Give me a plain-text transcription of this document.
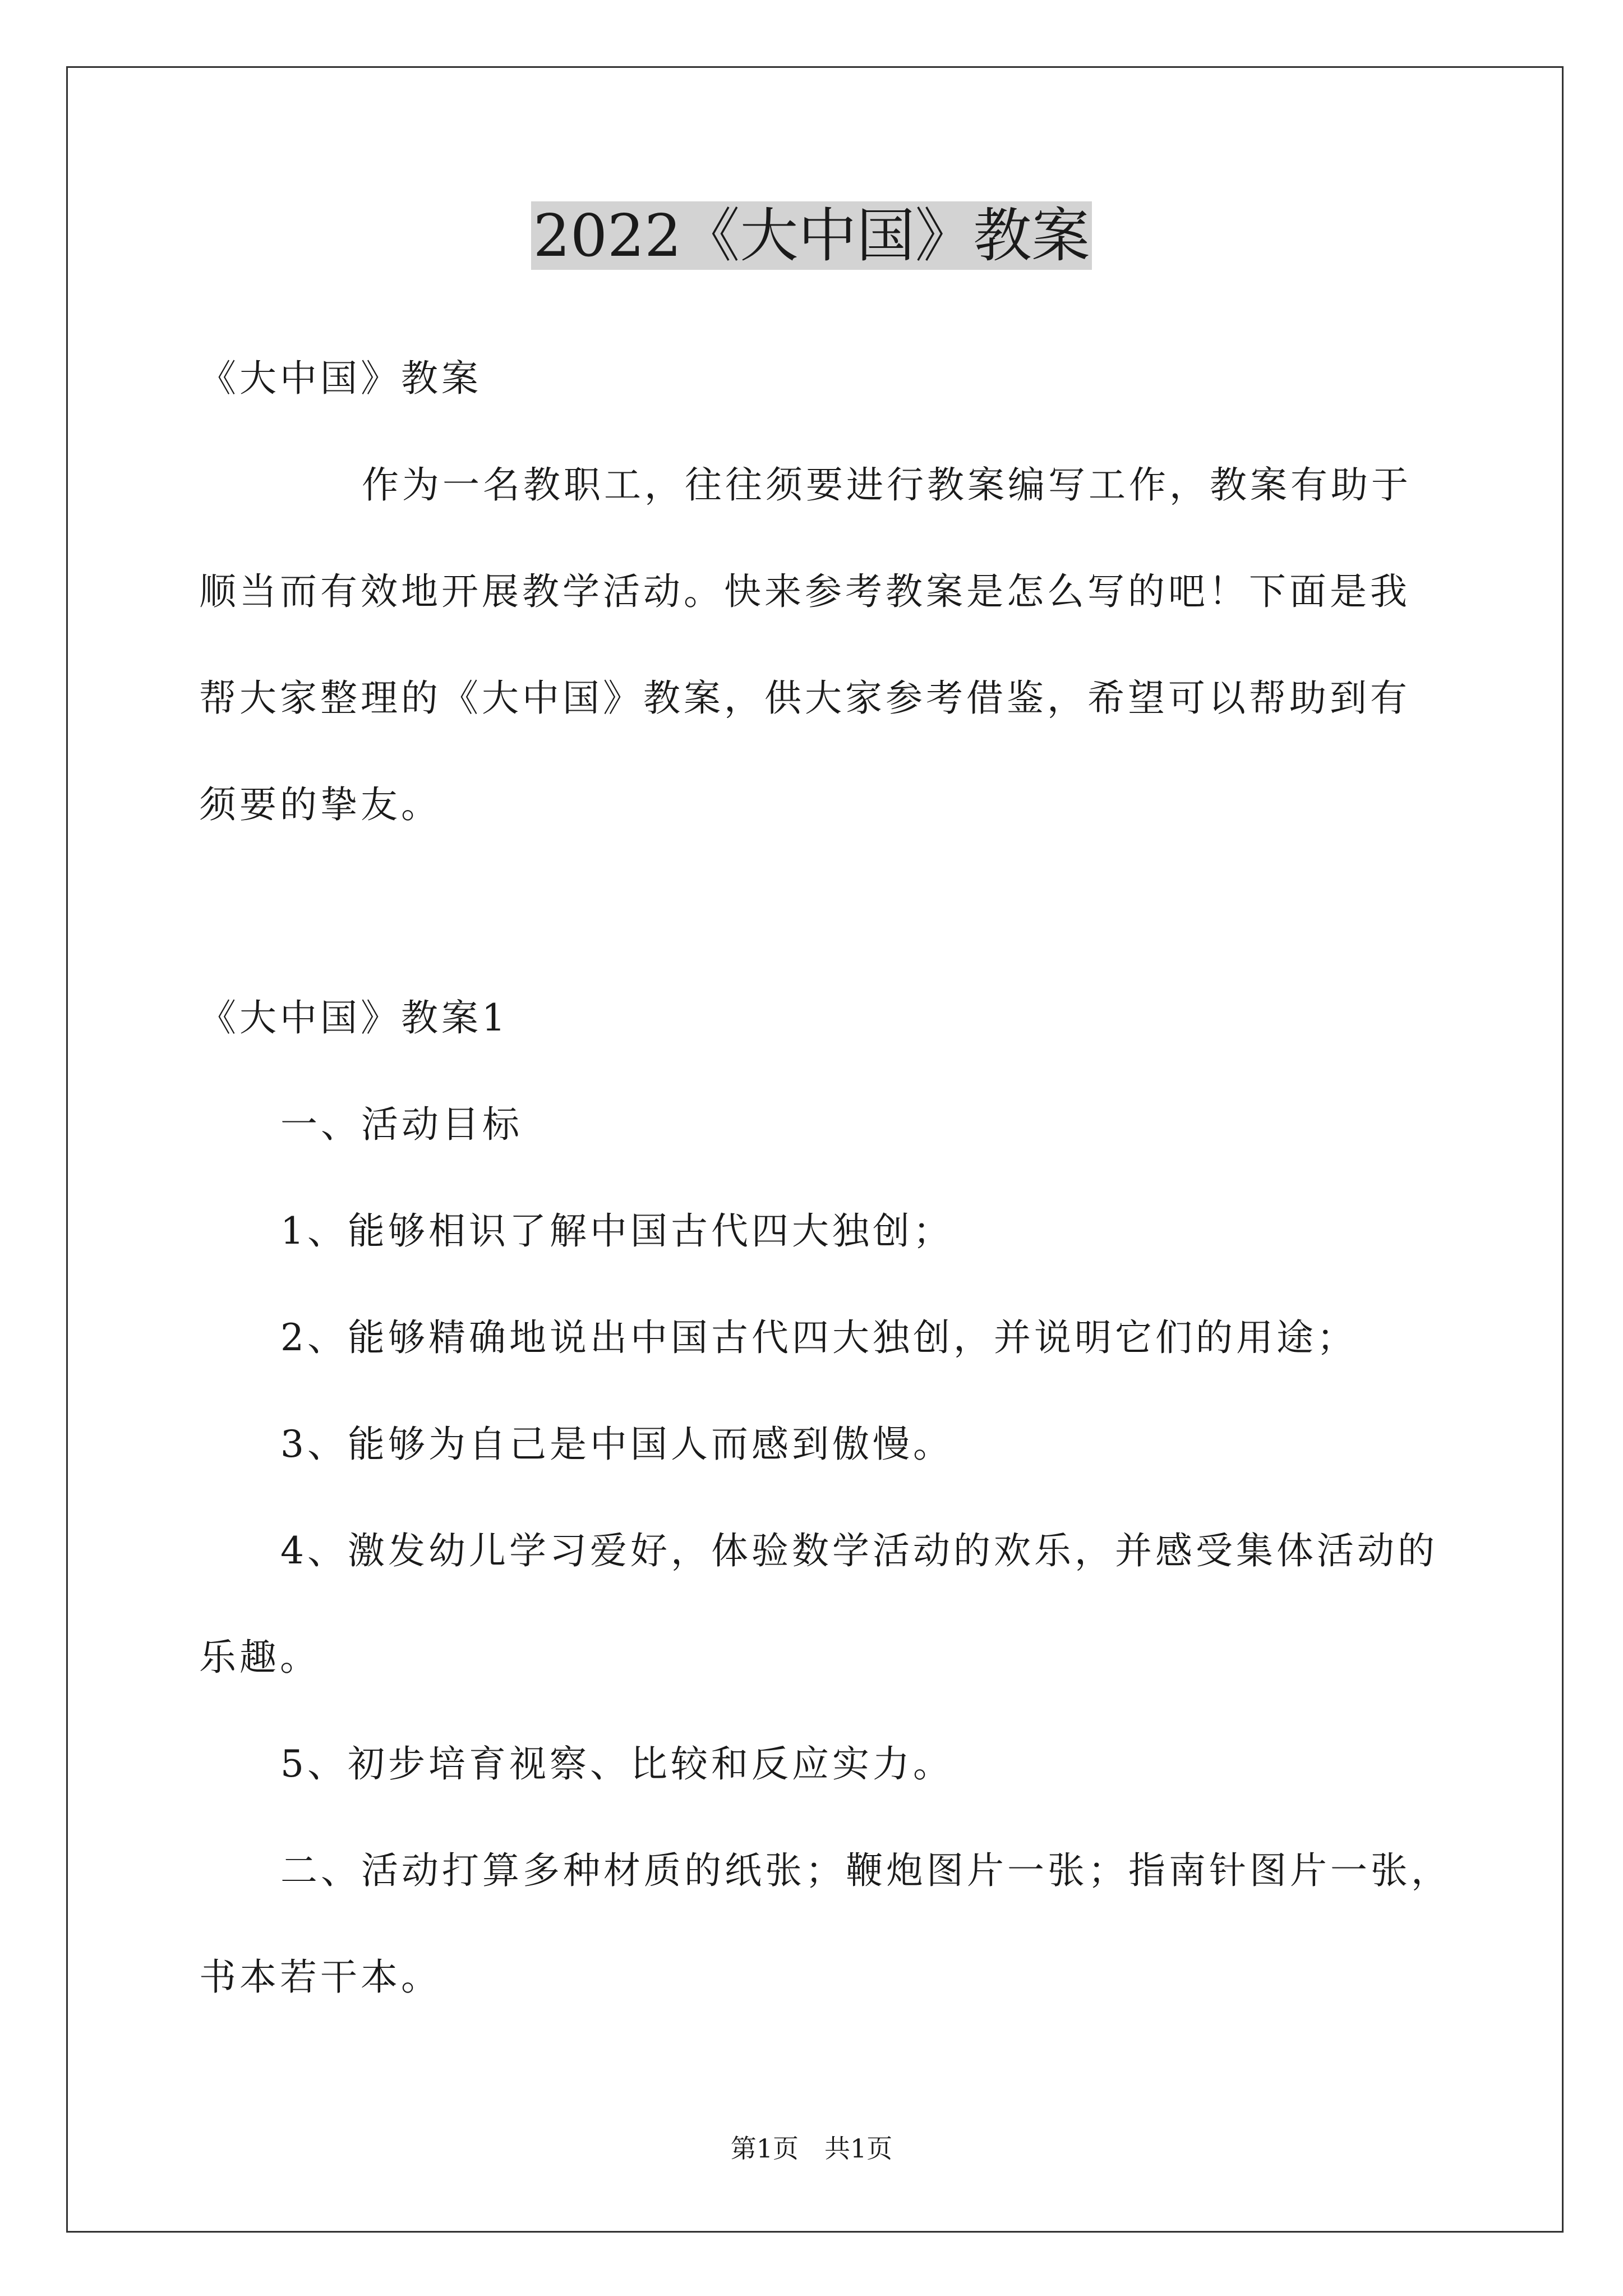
2022《大中国》教案
《大中国》教案
作为一名教职工，往往须要进行教案编写工作，教案有助于
顺当而有效地开展教学活动。快来参考教案是怎么写的吧！下面是我
帮大家整理的《大中国》教案，供大家参考借鉴，希望可以帮助到有
须要的挚友。
《大中国》教案1
一、活动目标
1、能够相识了解中国古代四大独创；
2、能够精确地说出中国古代四大独创，并说明它们的用途；
3、能够为自己是中国人而感到傲慢。
4、激发幼儿学习爱好，体验数学活动的欢乐，并感受集体活动的
乐趣。
5、初步培育视察、比较和反应实力。
二、活动打算多种材质的纸张；鞭炮图片一张；指南针图片一张，
书本若干本。
第1页　共1页
